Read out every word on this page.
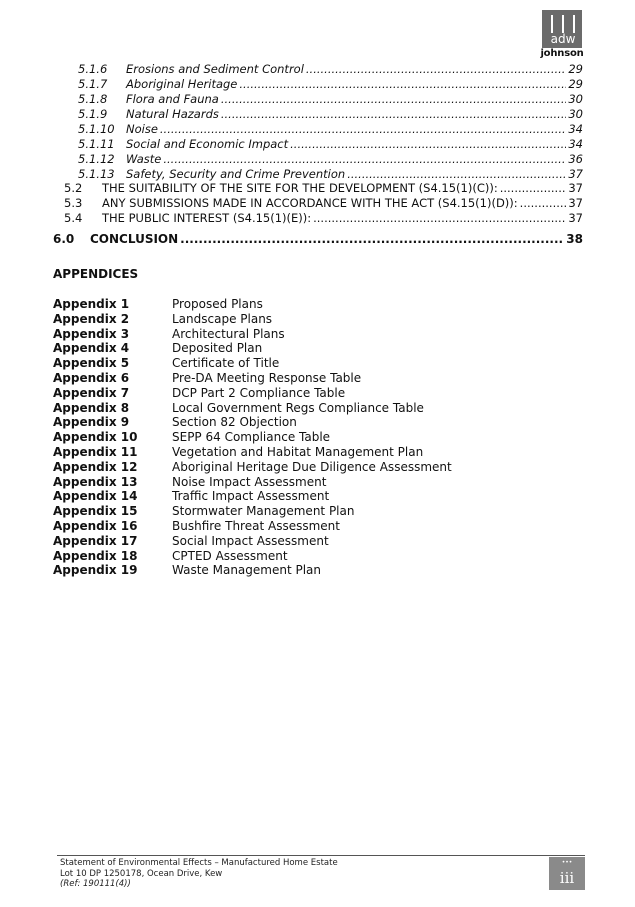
adw
johnson
5.1.6	Erosions and Sediment Control .....	29
5.1.7	Aboriginal Heritage .....	29
5.1.8	Flora and Fauna .....	30
5.1.9	Natural Hazards .....	30
5.1.10 Noise .....	34
5.1.11 Social and Economic Impact .....	34
5.1.12 Waste .....	36
5.1.13 Safety, Security and Crime Prevention .....	37
5.2	THE SUITABILITY OF THE SITE FOR THE DEVELOPMENT (S4.15(1)(C)): .....	37
5.3	ANY SUBMISSIONS MADE IN ACCORDANCE WITH THE ACT (S4.15(1)(D)): .....	37
5.4	THE PUBLIC INTEREST (S4.15(1)(E)): .....	37
6.0	CONCLUSION .....	38
APPENDICES
Appendix 1	Proposed Plans
Appendix 2	Landscape Plans
Appendix 3	Architectural Plans
Appendix 4	Deposited Plan
Appendix 5	Certificate of Title
Appendix 6	Pre-DA Meeting Response Table
Appendix 7	DCP Part 2 Compliance Table
Appendix 8	Local Government Regs Compliance Table
Appendix 9	Section 82 Objection
Appendix 10	SEPP 64 Compliance Table
Appendix 11	Vegetation and Habitat Management Plan
Appendix 12	Aboriginal Heritage Due Diligence Assessment
Appendix 13	Noise Impact Assessment
Appendix 14	Traffic Impact Assessment
Appendix 15	Stormwater Management Plan
Appendix 16	Bushfire Threat Assessment
Appendix 17	Social Impact Assessment
Appendix 18	CPTED Assessment
Appendix 19	Waste Management Plan
Statement of Environmental Effects – Manufactured Home Estate
Lot 10 DP 1250178, Ocean Drive, Kew
(Ref: 190111(4))
•••
iii
